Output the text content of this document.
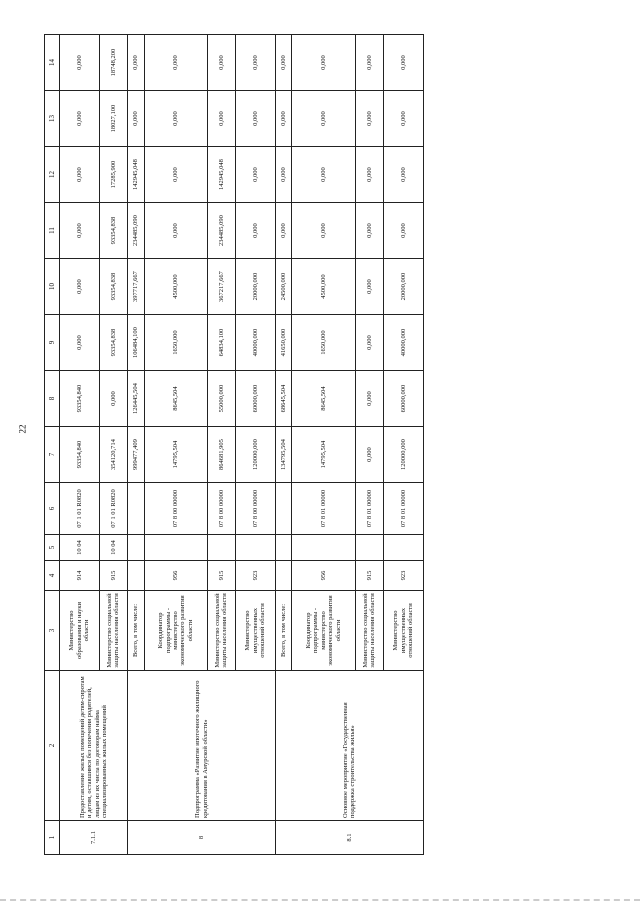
22
1	2	3	4	5	6	7	8	9	10	11	12	13	14
7.1.1	Предоставление жилых помещений детям-сиротам и детям, оставшимся без попечения родителей, лицам из их числа по договорам найма специализированных жилых помещений	Министерство образования и науки области	914	10 04	07 1 01 R0820	93354,840	93354,840	0,000	0,000	0,000	0,000	0,000	0,000
		Министерство социальной защиты населения области	915	10 04	07 1 01 R0820	354120,714	0,000	93354,838	93354,838	93354,838	17285,900	18027,100	18748,200
8	Подпрограмма «Развитие ипотечного жилищного кредитования в Амурской области»	Всего, в том числе:				999477,409	126445,504	106484,100	397717,667	234485,090	142945,048	0,000	0,000
		Координатор подпрограммы - министерство экономического развития области	956		07 8 00 00000	14795,504	8645,504	1650,000	4500,000	0,000	0,000	0,000	0,000
		Министерство социальной защиты населения области	915		07 8 00 00000	864681,905	55000,000	64834,100	367217,667	234485,090	142945,048	0,000	0,000
		Министерство имущественных отношений области	923		07 8 00 00000	120000,000	60000,000	40000,000	20000,000	0,000	0,000	0,000	0,000
8.1	Основное мероприятие «Государственная поддержка строительства жилья»	Всего, в том числе:				134795,504	68645,504	41650,000	24500,000	0,000	0,000	0,000	0,000
		Координатор подпрограммы - министерство экономического развития области	956		07 8 01 00000	14795,504	8645,504	1650,000	4500,000	0,000	0,000	0,000	0,000
		Министерство социальной защиты населения области	915		07 8 01 00000	0,000	0,000	0,000	0,000	0,000	0,000	0,000	0,000
		Министерство имущественных отношений области	923		07 8 01 00000	120000,000	60000,000	40000,000	20000,000	0,000	0,000	0,000	0,000
